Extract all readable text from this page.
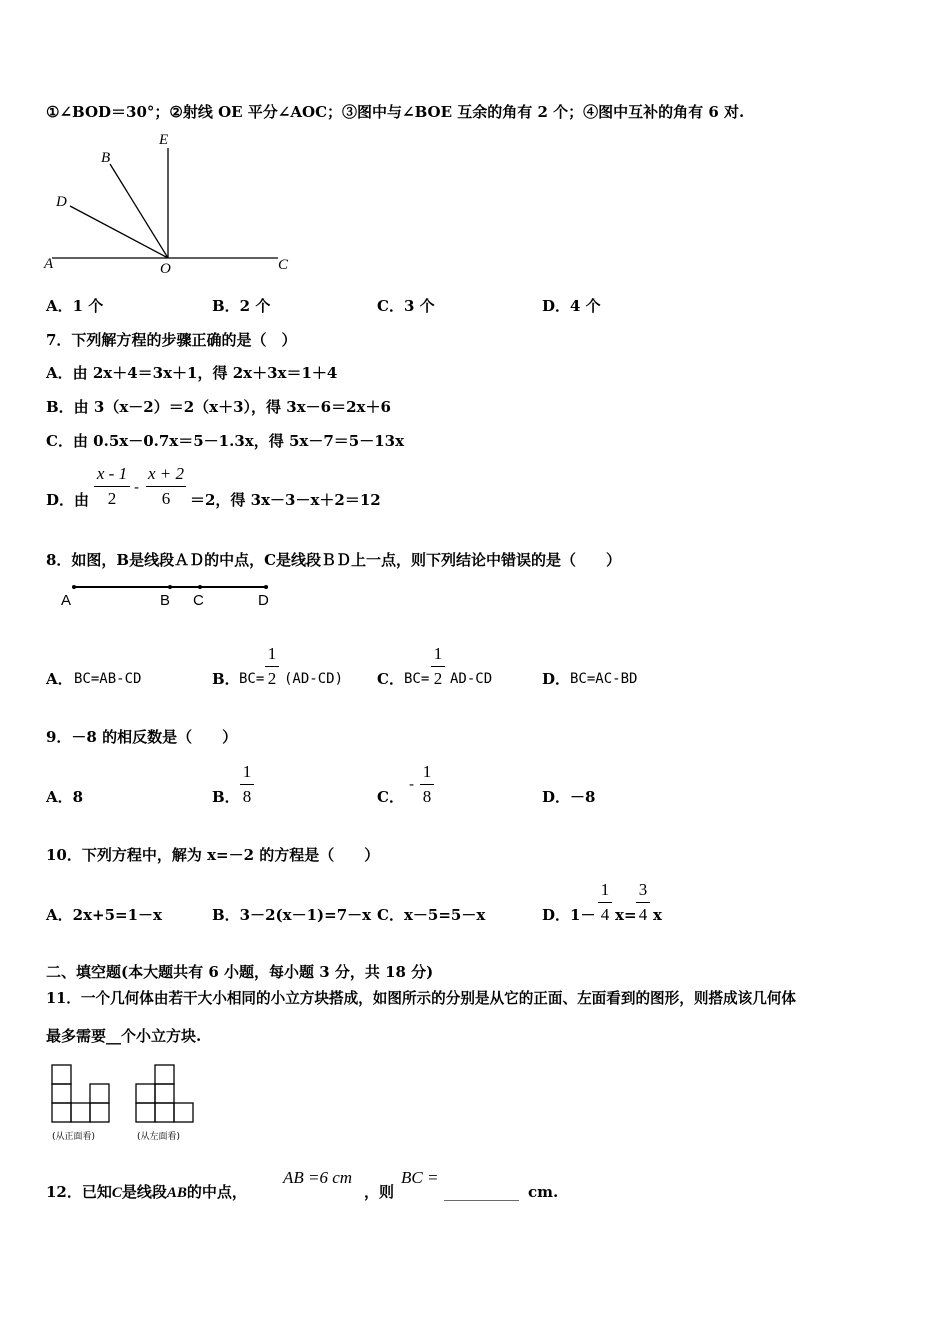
①∠BOD＝30°；②射线 OE 平分∠AOC；③图中与∠BOE 互余的角有 2 个；④图中互补的角有 6 对.
A	O	C
D
B
E
A．1 个	B．2 个	C．3 个	D．4 个
7．下列解方程的步骤正确的是（　）
A．由 2x＋4＝3x＋1，得 2x＋3x＝1＋4
B．由 3（x－2）＝2（x＋3），得 3x－6＝2x＋6
C．由 0.5x－0.7x＝5－1.3x，得 5x－7＝5－13x
D．由
x - 1
2
-
x + 2
6	＝2，得 3x－3－x＋2＝12
8．如图，B是线段ＡＤ的中点，C是线段ＢＤ上一点，则下列结论中错误的是（　　）
A	B C	D
A． BC=AB-CD	B． BC=
1
2 (AD-CD) C． BC=
1
2 AD-CD	D． BC=AC-BD
9．－8 的相反数是（　　）
A．8	B．
1
8	C．
-
1
8	D．－8
10．下列方程中，解为 x=－2 的方程是（　　）
A．2x+5=1－x	B．3－2(x－1)=7－x C．x－5=5－x	D．1－
1
4 x=
3
4 x
二、填空题(本大题共有 6 小题，每小题 3 分，共 18 分)
11．一个几何体由若干大小相同的小立方块搭成，如图所示的分别是从它的正面、左面看到的图形，则搭成该几何体
最多需要__个小立方块.
(从正面看)	(从左面看)
12．已知C是线段AB的中点，
AB =6 cm
，则
BC =
__________ cm.
